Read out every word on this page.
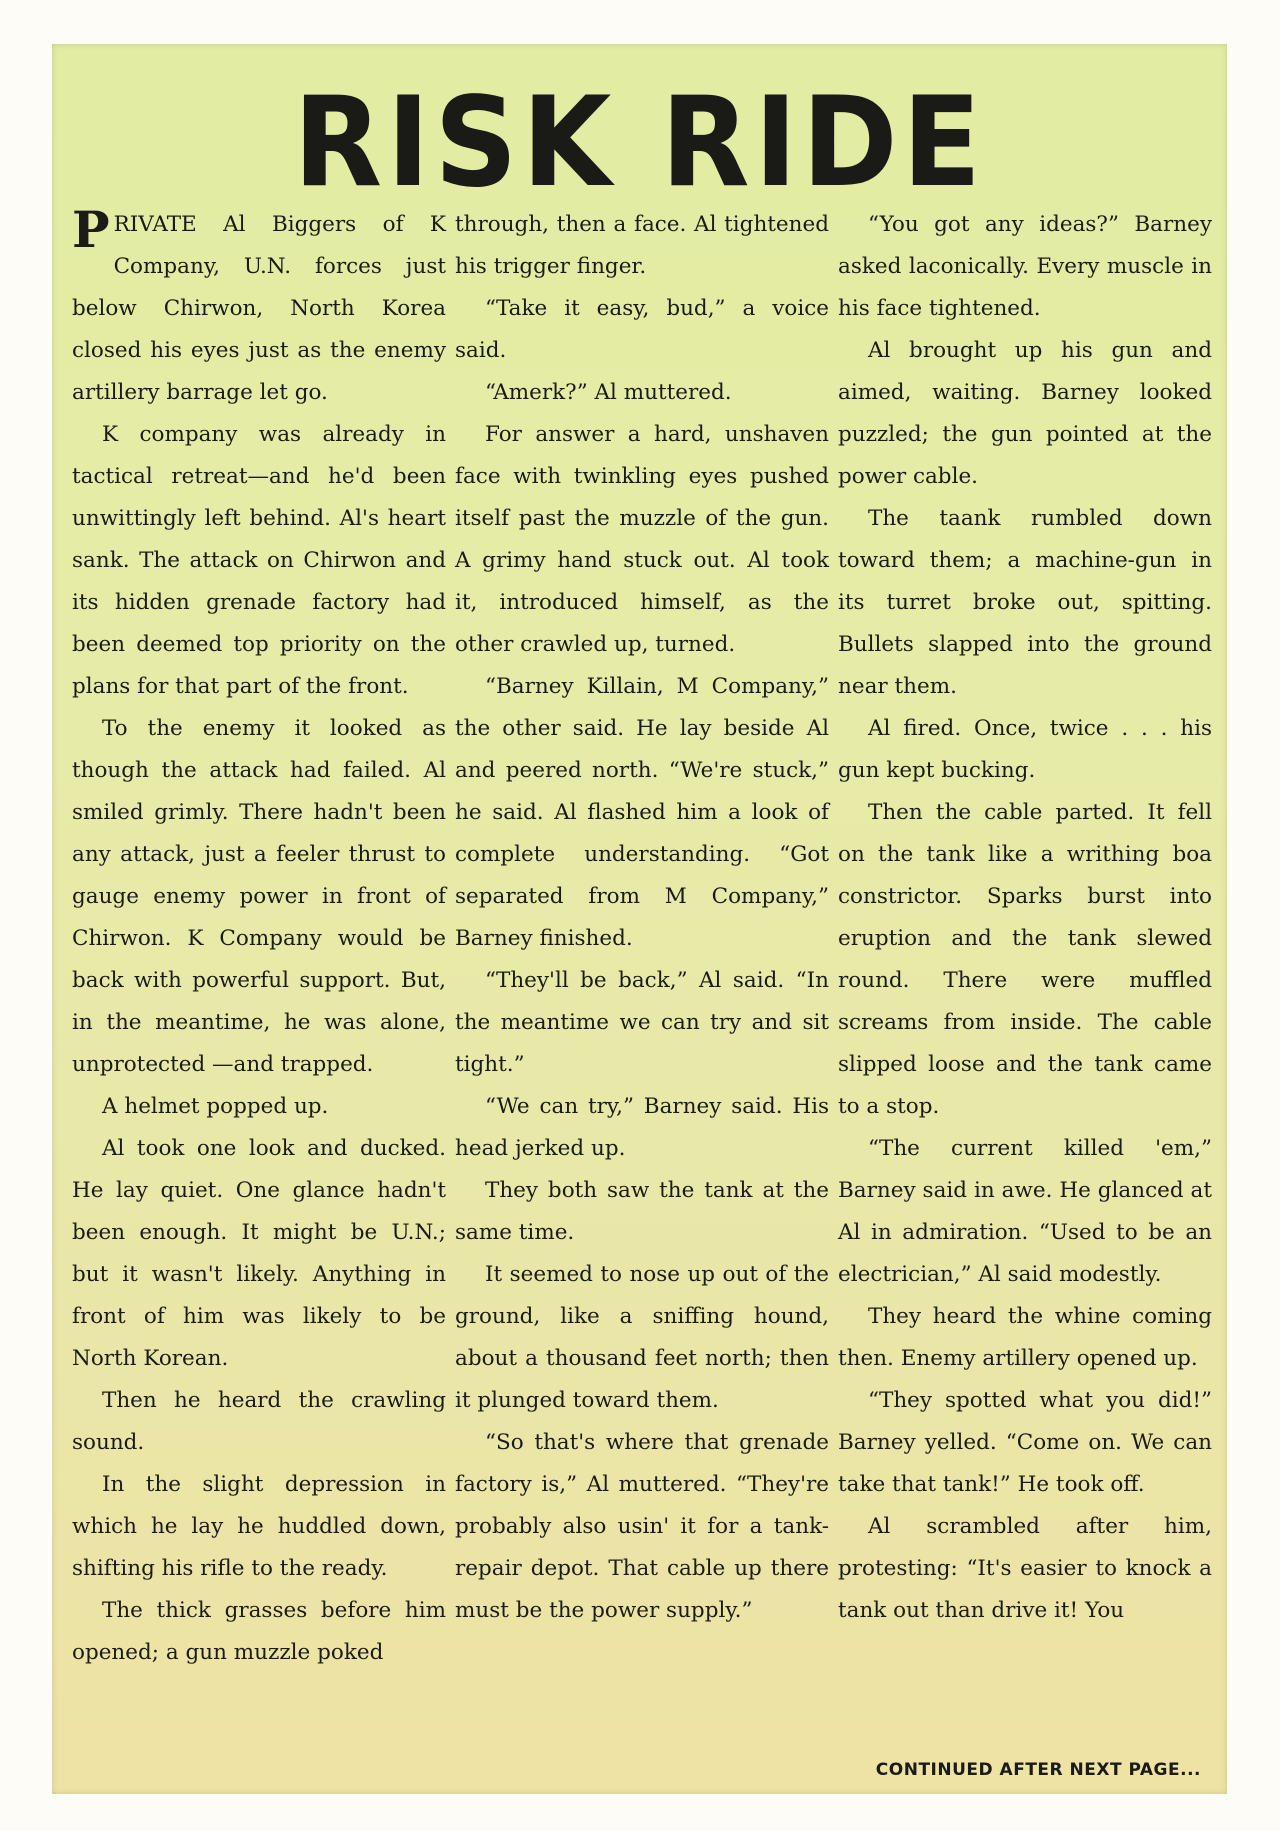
RISK RIDE

PRIVATE Al Biggers of K Company, U.N. forces just below Chirwon, North Korea closed his eyes just as the enemy artillery barrage let go.

K company was already in tactical retreat—and he'd been unwittingly left behind. Al's heart sank. The attack on Chirwon and its hidden grenade factory had been deemed top priority on the plans for that part of the front.

To the enemy it looked as though the attack had failed. Al smiled grimly. There hadn't been any attack, just a feeler thrust to gauge enemy power in front of Chirwon. K Company would be back with powerful support. But, in the meantime, he was alone, unprotected —and trapped.

A helmet popped up.

Al took one look and ducked. He lay quiet. One glance hadn't been enough. It might be U.N.; but it wasn't likely. Anything in front of him was likely to be North Korean.

Then he heard the crawling sound.

In the slight depression in which he lay he huddled down, shifting his rifle to the ready.

The thick grasses before him opened; a gun muzzle poked

through, then a face. Al tightened his trigger finger.

“Take it easy, bud,” a voice said.

“Amerk?” Al muttered.

For answer a hard, unshaven face with twinkling eyes pushed itself past the muzzle of the gun. A grimy hand stuck out. Al took it, introduced himself, as the other crawled up, turned.

“Barney Killain, M Company,” the other said. He lay beside Al and peered north. “We're stuck,” he said. Al flashed him a look of complete understanding. “Got separated from M Company,” Barney finished.

“They'll be back,” Al said. “In the meantime we can try and sit tight.”

“We can try,” Barney said. His head jerked up.

They both saw the tank at the same time.

It seemed to nose up out of the ground, like a sniffing hound, about a thousand feet north; then it plunged toward them.

“So that's where that grenade factory is,” Al muttered. “They're probably also usin' it for a tank-repair depot. That cable up there must be the power supply.”

“You got any ideas?” Barney asked laconically. Every muscle in his face tightened.

Al brought up his gun and aimed, waiting. Barney looked puzzled; the gun pointed at the power cable.

The taank rumbled down toward them; a machine-gun in its turret broke out, spitting. Bullets slapped into the ground near them.

Al fired. Once, twice . . . his gun kept bucking.

Then the cable parted. It fell on the tank like a writhing boa constrictor. Sparks burst into eruption and the tank slewed round. There were muffled screams from inside. The cable slipped loose and the tank came to a stop.

“The current killed 'em,” Barney said in awe. He glanced at Al in admiration. “Used to be an electrician,” Al said modestly.

They heard the whine coming then. Enemy artillery opened up.

“They spotted what you did!” Barney yelled. “Come on. We can take that tank!” He took off.

Al scrambled after him, protesting: “It's easier to knock a tank out than drive it! You

CONTINUED AFTER NEXT PAGE...
